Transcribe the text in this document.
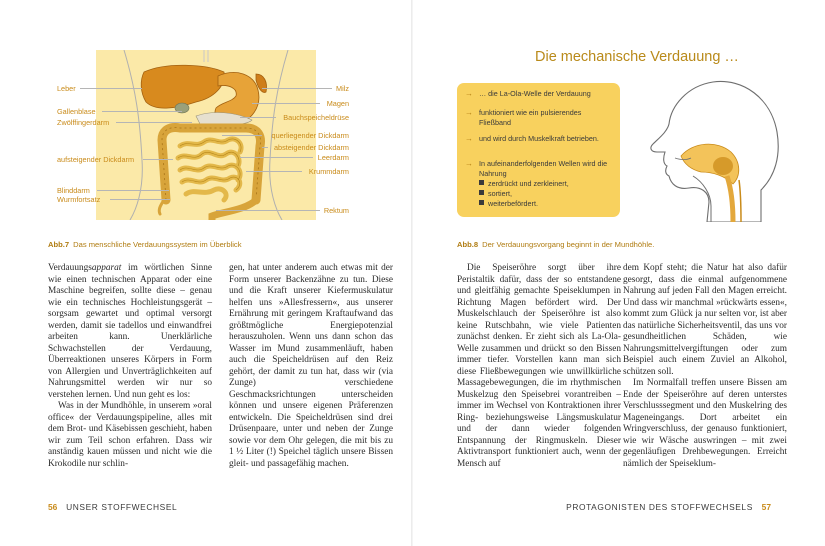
Leber
Gallenblase
Zwölffingerdarm
aufsteigender Dickdarm
Blinddarm
Wurmfortsatz
Milz
Magen
Bauchspeicheldrüse
querliegender Dickdarm
absteigender Dickdarm
Leerdarm
Krummdarm
Rektum
Abb.7 Das menschliche Verdauungssystem im Überblick

Verdauungsapparat im wörtlichen Sinne wie einen technischen Apparat oder eine Maschine begreifen, sollte diese – genau wie ein technisches Hochleistungsgerät – sorgsam gewartet und optimal versorgt werden, damit sie tadellos und einwandfrei arbeiten kann. Unerklärliche Schwachstellen der Verdauung, Überreaktionen unseres Körpers in Form von Allergien und Unverträglichkeiten auf Nahrungsmittel werden wir nur so verstehen lernen. Und nun geht es los:

Was in der Mundhöhle, in unserem »oral office« der Verdauungspipeline, alles mit dem Brot- und Käsebissen geschieht, haben wir zum Teil schon erfahren. Dass wir anständig kauen müssen und nicht wie die Krokodile nur schlin-

gen, hat unter anderem auch etwas mit der Form unserer Backenzähne zu tun. Diese und die Kraft unserer Kiefermuskulatur helfen uns »Allesfressern«, aus unserer Ernährung mit geringem Kraftaufwand das größtmögliche Energiepotenzial herauszuholen. Wenn uns dann schon das Wasser im Mund zusammenläuft, haben auch die Speicheldrüsen auf den Reiz gehört, der damit zu tun hat, dass wir (via Zunge) verschiedene Geschmacksrichtungen unterscheiden können und unsere eigenen Präferenzen entwickeln. Die Speicheldrüsen sind drei Drüsenpaare, unter und neben der Zunge sowie vor dem Ohr gelegen, die mit bis zu 1 ½ Liter (!) Speichel täglich unsere Bissen gleit- und passagefähig machen.

56 UNSER STOFFWECHSEL
Die mechanische Verdauung …
→ … die La-Ola-Welle der Verdauung
→ funktioniert wie ein pulsierendes Fließband
→ und wird durch Muskelkraft betrieben.
→ In aufeinanderfolgenden Wellen wird die Nahrung
zerdrückt und zerkleinert,
sortiert,
weiterbefördert.
Abb.8 Der Verdauungsvorgang beginnt in der Mundhöhle.

Die Speiseröhre sorgt über ihre Peristaltik dafür, dass der so entstandene und gleitfähig gemachte Speiseklumpen in Richtung Magen befördert wird. Der Muskelschlauch der Speiseröhre ist also keine Rutschbahn, wie viele Patienten zunächst denken. Er zieht sich als La-Ola-Welle zusammen und drückt so den Bissen immer tiefer. Vorstellen kann man sich diese Fließbewegungen wie unwillkürliche Massagebewegungen, die im rhythmischen Muskelzug den Speisebrei vorantreiben – immer im Wechsel von Kontraktionen ihrer Ring- beziehungsweise Längsmuskulatur und der dann wieder folgenden Entspannung der Ringmuskeln. Dieser Aktivtransport funktioniert auch, wenn der Mensch auf

dem Kopf steht; die Natur hat also dafür gesorgt, dass die einmal aufgenommene Nahrung auf jeden Fall den Magen erreicht. Und dass wir manchmal »rückwärts essen«, kommt zum Glück ja nur selten vor, ist aber das natürliche Sicherheitsventil, das uns vor gesundheitlichen Schäden, wie Nahrungsmittelvergiftungen oder zum Beispiel auch einem Zuviel an Alkohol, schützen soll.

Im Normalfall treffen unsere Bissen am Ende der Speiseröhre auf deren unterstes Verschlusssegment und den Muskelring des Mageneingangs. Dort arbeitet ein Wringverschluss, der genauso funktioniert, wie wir Wäsche auswringen – mit zwei gegenläufigen Drehbewegungen. Erreicht nämlich der Speiseklum-

PROTAGONISTEN DES STOFFWECHSELS 57
